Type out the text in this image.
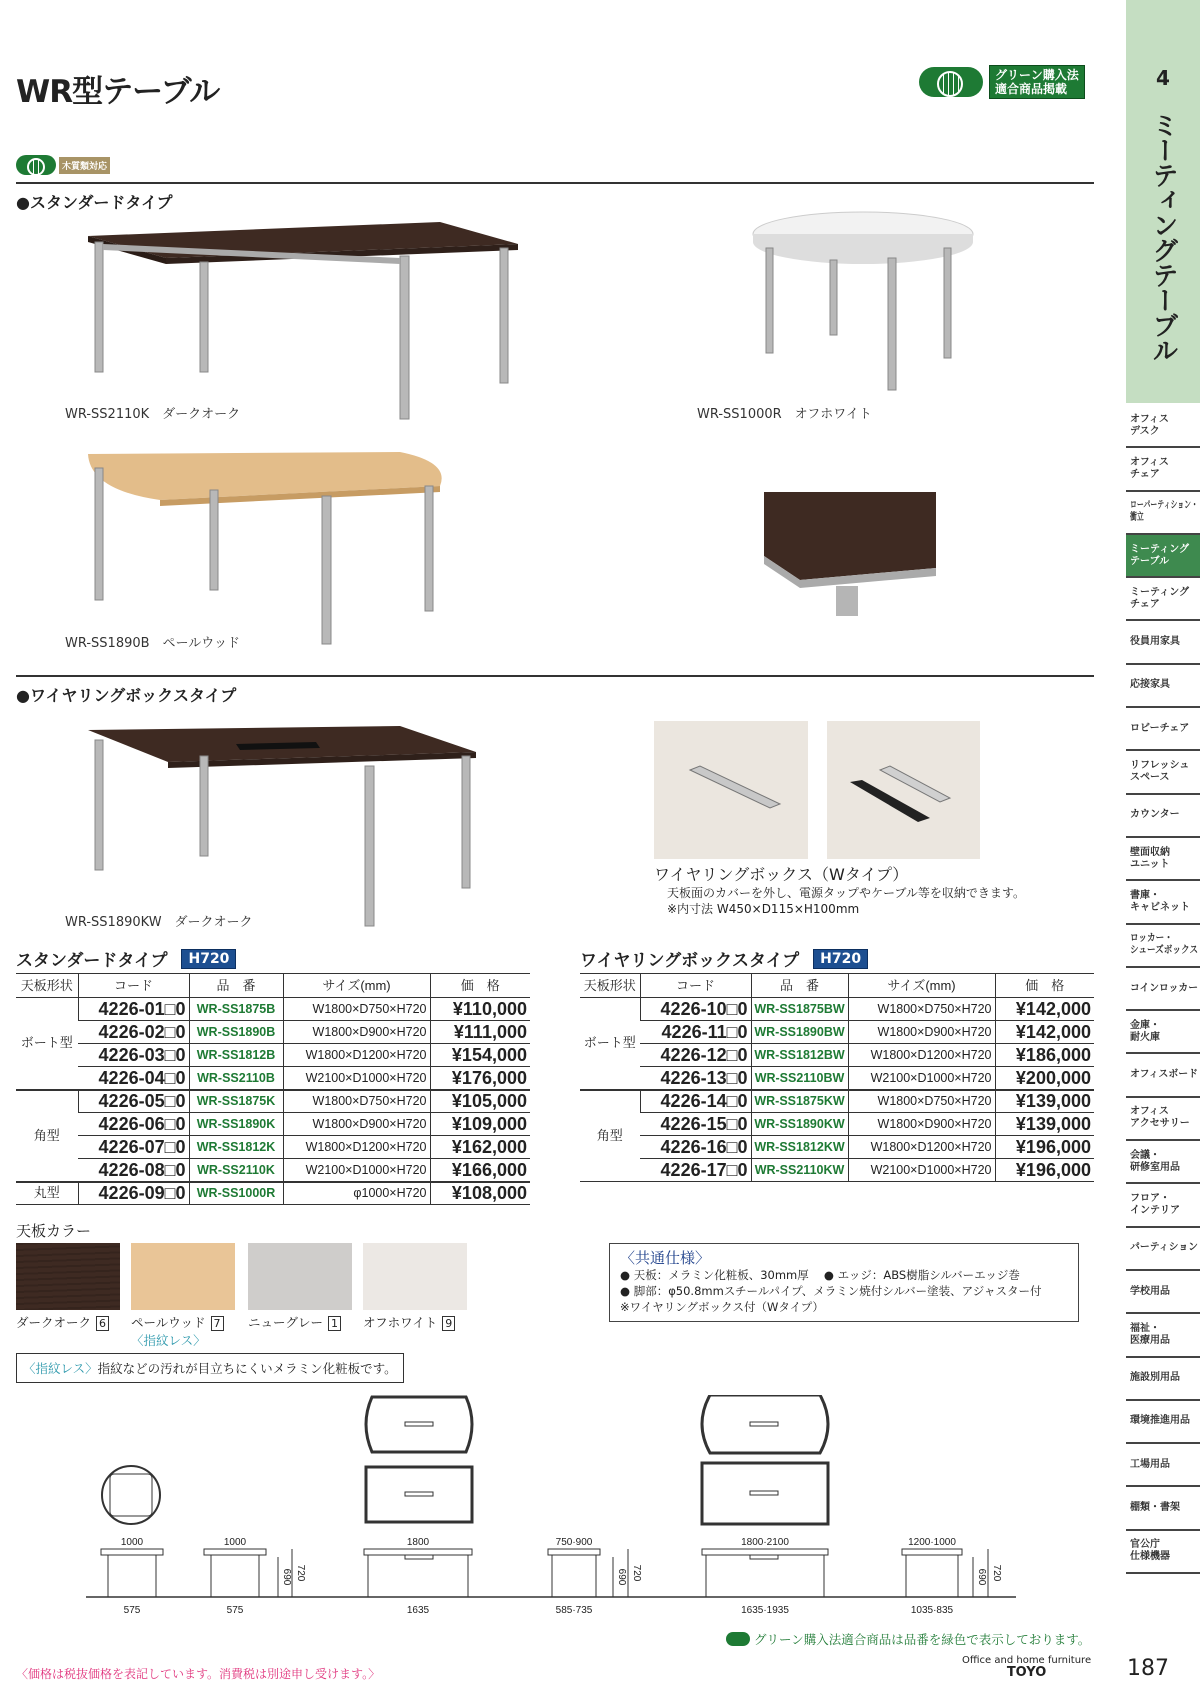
WR型テーブル	グリーン購入法
適合商品掲載
木質類対応
●スタンダードタイプ
WR-SS2110K　ダークオーク	WR-SS1000R　オフホワイト
WR-SS1890B　ペールウッド
●ワイヤリングボックスタイプ
WR-SS1890KW　ダークオーク
ワイヤリングボックス（Wタイプ）
天板面のカバーを外し、電源タップやケーブル等を収納できます。
※内寸法 W450×D115×H100mm
スタンダードタイプ	H720
天板形状	コード	品　番	サイズ(mm)	価　格
ボート型	4226-01□0	WR-SS1875B	W1800×D750×H720	¥110,000
	4226-02□0	WR-SS1890B	W1800×D900×H720	¥111,000
	4226-03□0	WR-SS1812B	W1800×D1200×H720	¥154,000
	4226-04□0	WR-SS2110B	W2100×D1000×H720	¥176,000
角型	4226-05□0	WR-SS1875K	W1800×D750×H720	¥105,000
	4226-06□0	WR-SS1890K	W1800×D900×H720	¥109,000
	4226-07□0	WR-SS1812K	W1800×D1200×H720	¥162,000
	4226-08□0	WR-SS2110K	W2100×D1000×H720	¥166,000
丸型	4226-09□0	WR-SS1000R	φ1000×H720	¥108,000
ワイヤリングボックスタイプ	H720
天板形状	コード	品　番	サイズ(mm)	価　格
ボート型	4226-10□0	WR-SS1875BW	W1800×D750×H720	¥142,000
	4226-11□0	WR-SS1890BW	W1800×D900×H720	¥142,000
	4226-12□0	WR-SS1812BW	W1800×D1200×H720	¥186,000
	4226-13□0	WR-SS2110BW	W2100×D1000×H720	¥200,000
角型	4226-14□0	WR-SS1875KW	W1800×D750×H720	¥139,000
	4226-15□0	WR-SS1890KW	W1800×D900×H720	¥139,000
	4226-16□0	WR-SS1812KW	W1800×D1200×H720	¥196,000
	4226-17□0	WR-SS2110KW	W2100×D1000×H720	¥196,000
天板カラー
ダークオーク 6 ペールウッド 7
〈指紋レス〉
ニューグレー 1 オフホワイト 9
〈指紋レス〉指紋などの汚れが目立ちにくいメラミン化粧板です。
〈共通仕様〉
● 天板：メラミン化粧板、30mm厚　 ● エッジ：ABS樹脂シルバーエッジ巻
● 脚部：φ50.8mmスチールパイプ、メラミン焼付シルバー塗装、アジャスター付
※ワイヤリングボックス付（Wタイプ）
1000
575
1000
575
690 720
1800
1635
750·900
585·735
690 720
1800·2100
1635·1935
1200·1000
1035·835
690 720
グリーン購入法適合商品は品番を緑色で表示しております。
〈価格は税抜価格を表記しています。消費税は別途申し受けます。〉
Office and home furniture
TOYO	187
4
ミーティングテーブル
オフィス
デスク
オフィス
チェア
ローパーティション・
衝立
ミーティング
テーブル
ミーティング
チェア
役員用家具
応接家具
ロビーチェア
リフレッシュ
スペース
カウンター
壁面収納
ユニット
書庫・
キャビネット
ロッカー・
シューズボックス
コインロッカー
金庫・
耐火庫
オフィスボード
オフィス
アクセサリー
会議・
研修室用品
フロア・
インテリア
パーティション
学校用品
福祉・
医療用品
施設別用品
環境推進用品
工場用品
棚類・書架
官公庁
仕様機器
